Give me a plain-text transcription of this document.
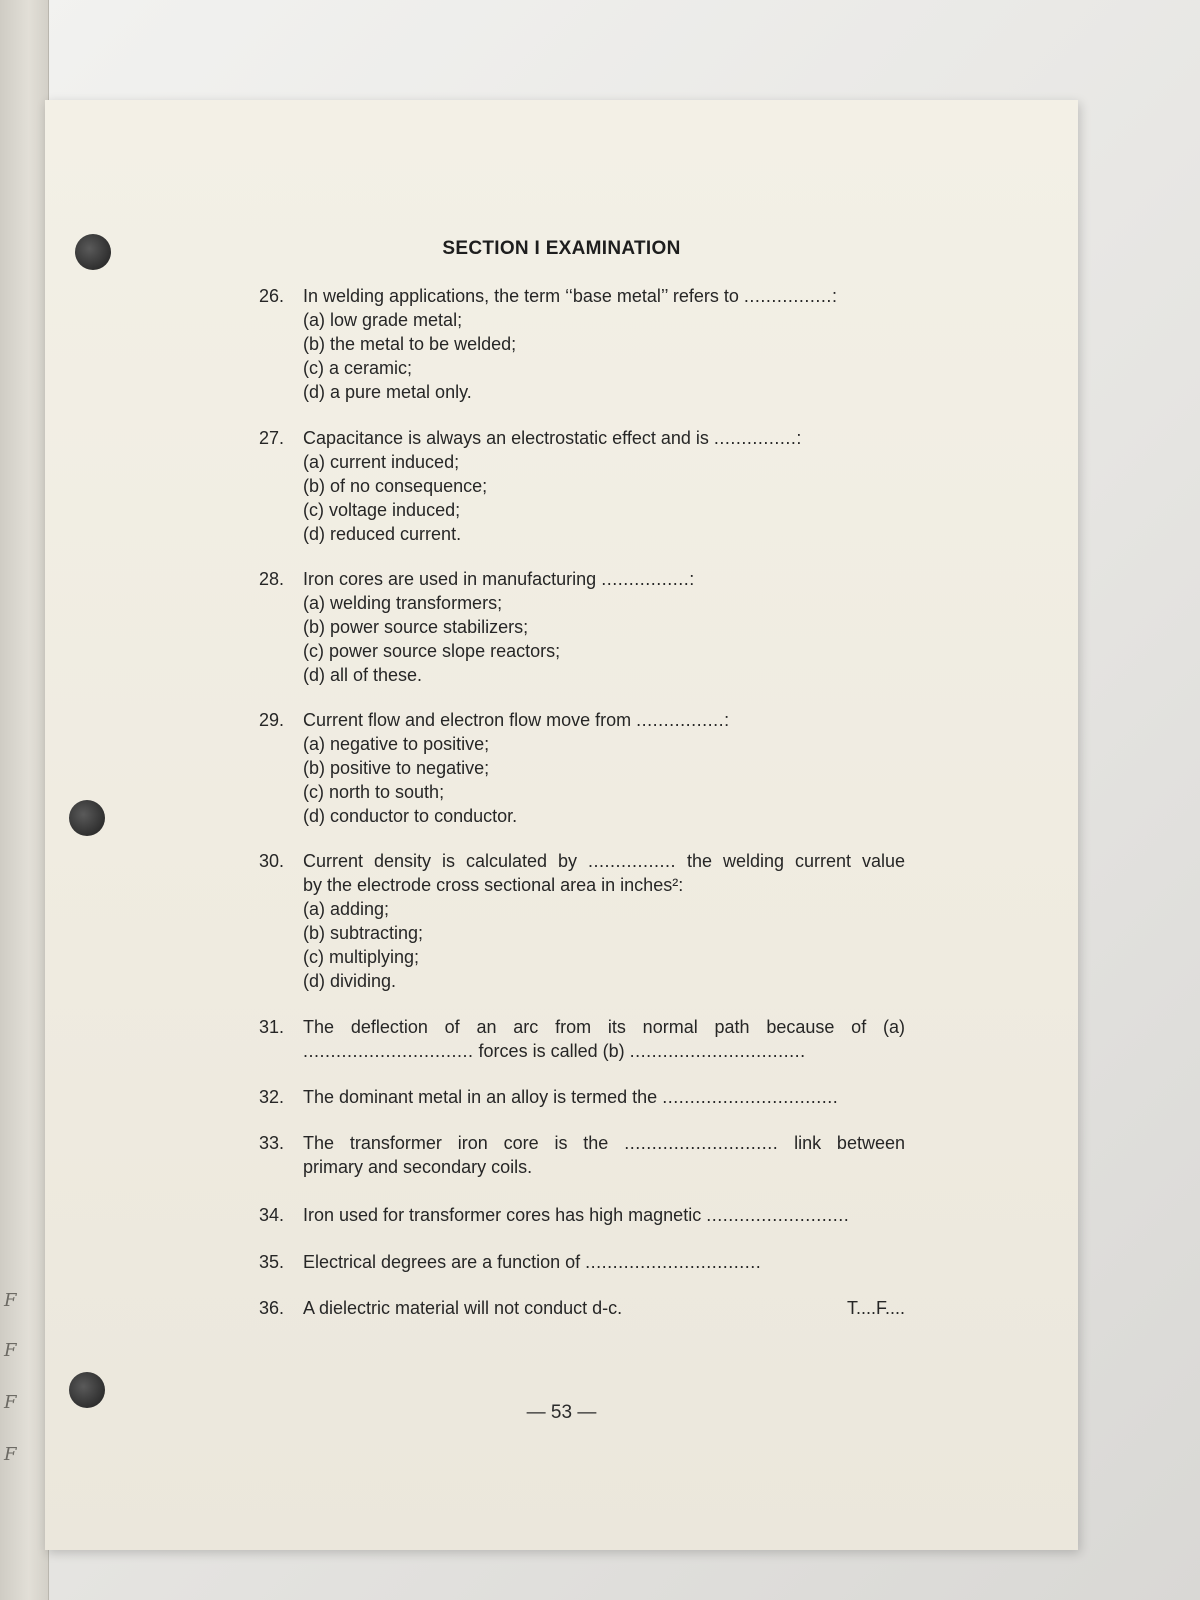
F
F
F
F
SECTION I EXAMINATION
26.	In welding applications, the term ‘‘base metal’’ refers to ................:
(a) low grade metal;
(b) the metal to be welded;
(c) a ceramic;
(d) a pure metal only.
27.	Capacitance is always an electrostatic effect and is ...............:
(a) current induced;
(b) of no consequence;
(c) voltage induced;
(d) reduced current.
28.	Iron cores are used in manufacturing ................:
(a) welding transformers;
(b) power source stabilizers;
(c) power source slope reactors;
(d) all of these.
29.	Current flow and electron flow move from ................:
(a) negative to positive;
(b) positive to negative;
(c) north to south;
(d) conductor to conductor.
30.	Current density is calculated by ................ the welding current value
by the electrode cross sectional area in inches²:
(a) adding;
(b) subtracting;
(c) multiplying;
(d) dividing.
31.	The deflection of an arc from its normal path because of (a)
............................... forces is called (b) ................................
32.	The dominant metal in an alloy is termed the ................................
33.	The transformer iron core is the ............................ link between
primary and secondary coils.
34.	Iron used for transformer cores has high magnetic ..........................
35.	Electrical degrees are a function of ................................
36.	A dielectric material will not conduct d-c.	T....F....
— 53 —
